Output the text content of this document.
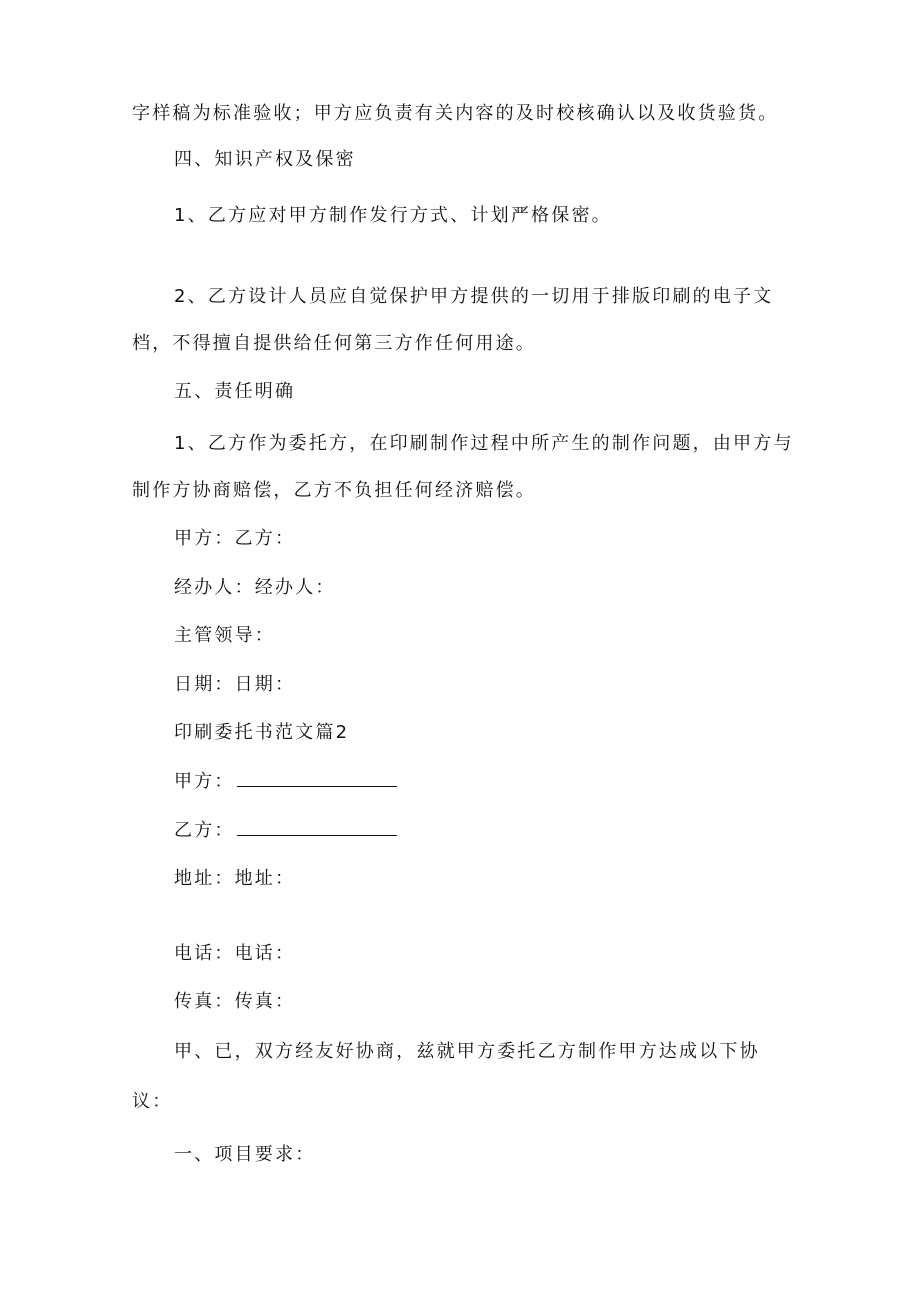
字样稿为标准验收；甲方应负责有关内容的及时校核确认以及收货验货。
四、知识产权及保密
1、乙方应对甲方制作发行方式、计划严格保密。
2、乙方设计人员应自觉保护甲方提供的一切用于排版印刷的电子文
档，不得擅自提供给任何第三方作任何用途。
五、责任明确
1、乙方作为委托方，在印刷制作过程中所产生的制作问题，由甲方与
制作方协商赔偿，乙方不负担任何经济赔偿。
甲方：乙方：
经办人：经办人：
主管领导：
日期：日期：
印刷委托书范文篇2
甲方：
乙方：
地址：地址：
电话：电话：
传真：传真：
甲、已，双方经友好协商，兹就甲方委托乙方制作甲方达成以下协
议：
一、项目要求：
